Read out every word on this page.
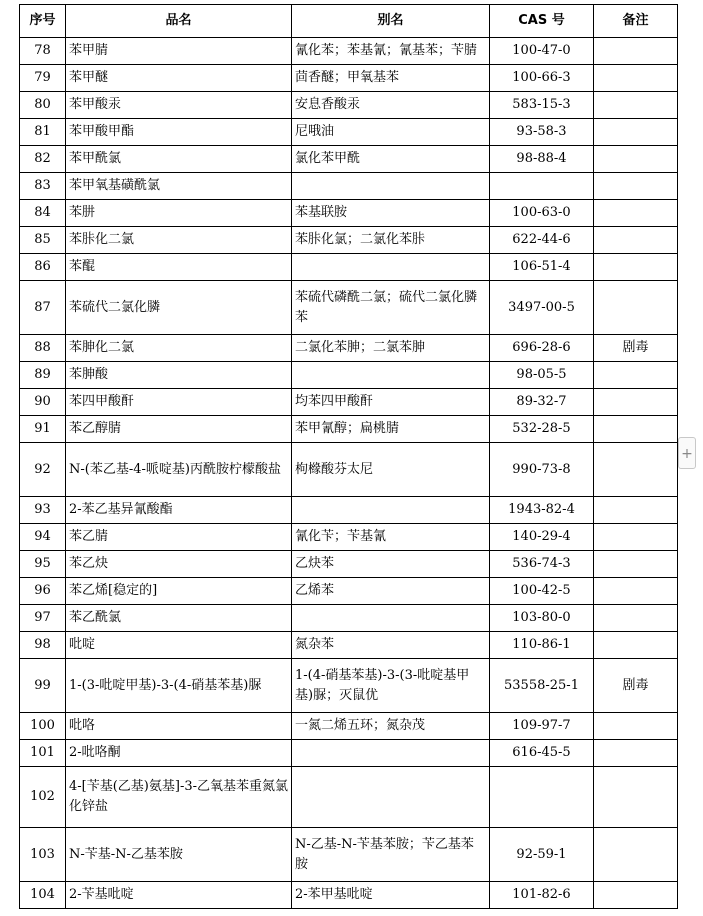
序号	品名	别名	CAS 号	备注
78	苯甲腈	氰化苯；苯基氰；氰基苯；苄腈	100-47-0	
79	苯甲醚	茴香醚；甲氧基苯	100-66-3	
80	苯甲酸汞	安息香酸汞	583-15-3	
81	苯甲酸甲酯	尼哦油	93-58-3	
82	苯甲酰氯	氯化苯甲酰	98-88-4	
83	苯甲氧基磺酰氯			
84	苯肼	苯基联胺	100-63-0	
85	苯胩化二氯	苯胩化氯；二氯化苯胩	622-44-6	
86	苯醌		106-51-4	
87	苯硫代二氯化膦	苯硫代磷酰二氯；硫代二氯化膦苯	3497-00-5	
88	苯胂化二氯	二氯化苯胂；二氯苯胂	696-28-6	剧毒
89	苯胂酸		98-05-5	
90	苯四甲酸酐	均苯四甲酸酐	89-32-7	
91	苯乙醇腈	苯甲氰醇；扁桃腈	532-28-5	
92	N-(苯乙基-4-哌啶基)丙酰胺柠檬酸盐	枸橼酸芬太尼	990-73-8	
93	2-苯乙基异氰酸酯		1943-82-4	
94	苯乙腈	氰化苄；苄基氰	140-29-4	
95	苯乙炔	乙炔苯	536-74-3	
96	苯乙烯[稳定的]	乙烯苯	100-42-5	
97	苯乙酰氯		103-80-0	
98	吡啶	氮杂苯	110-86-1	
99	1-(3-吡啶甲基)-3-(4-硝基苯基)脲	1-(4-硝基苯基)-3-(3-吡啶基甲基)脲；灭鼠优	53558-25-1	剧毒
100	吡咯	一氮二烯五环；氮杂茂	109-97-7	
101	2-吡咯酮		616-45-5	
102	4-[苄基(乙基)氨基]-3-乙氧基苯重氮氯化锌盐			
103	N-苄基-N-乙基苯胺	N-乙基-N-苄基苯胺；苄乙基苯胺	92-59-1	
104	2-苄基吡啶	2-苯甲基吡啶	101-82-6	
+
